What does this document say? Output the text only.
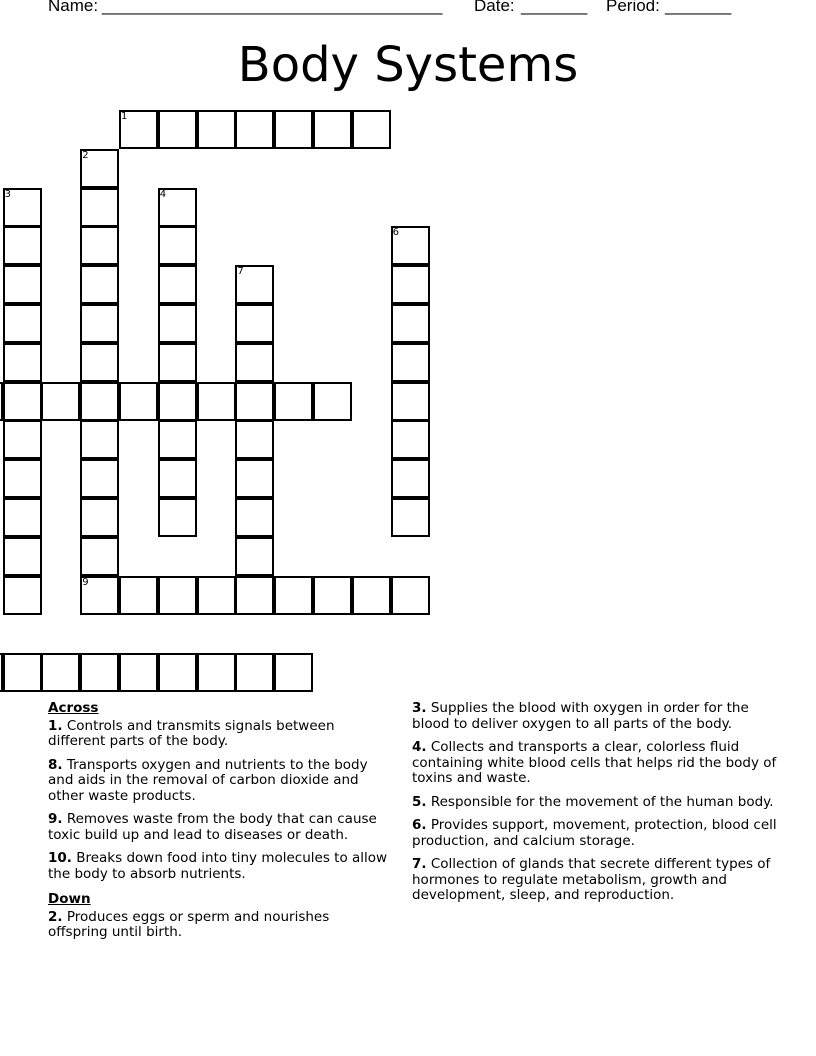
Name: ____________________________________ Date: _______ Period: _______
Body Systems
1
2
3	4
6
7
9
Across
1. Controls and transmits signals between different parts of the body.
8. Transports oxygen and nutrients to the body and aids in the removal of carbon dioxide and other waste products.
9. Removes waste from the body that can cause toxic build up and lead to diseases or death.
10. Breaks down food into tiny molecules to allow the body to absorb nutrients.
Down
2. Produces eggs or sperm and nourishes offspring until birth.
3. Supplies the blood with oxygen in order for the blood to deliver oxygen to all parts of the body.
4. Collects and transports a clear, colorless fluid containing white blood cells that helps rid the body of toxins and waste.
5. Responsible for the movement of the human body.
6. Provides support, movement, protection, blood cell production, and calcium storage.
7. Collection of glands that secrete different types of hormones to regulate metabolism, growth and development, sleep, and reproduction.
